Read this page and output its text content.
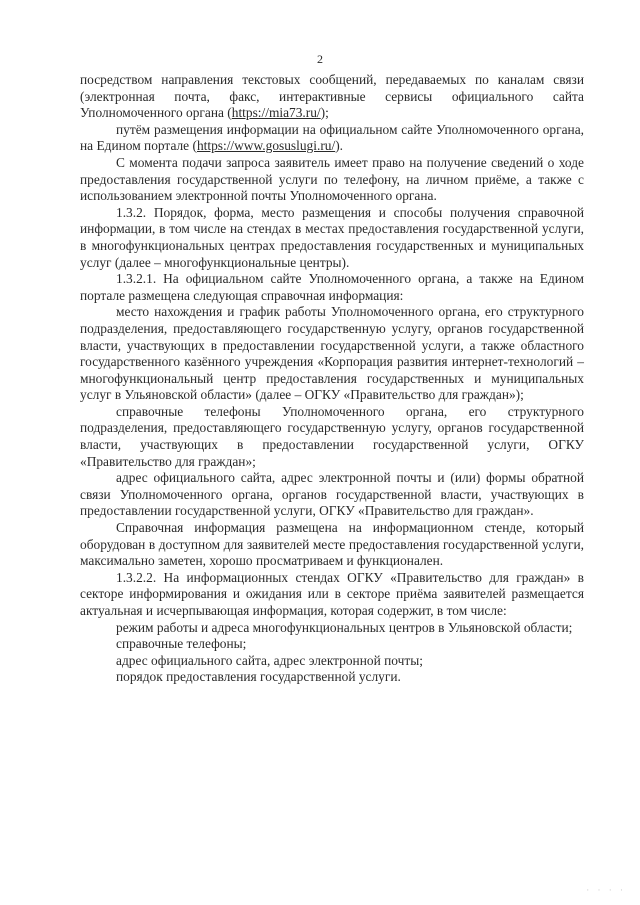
2

посредством направления текстовых сообщений, передаваемых по каналам связи (электронная почта, факс, интерактивные сервисы официального сайта Уполномоченного органа (https://mia73.ru/);

путём размещения информации на официальном сайте Уполномоченного органа, на Едином портале (https://www.gosuslugi.ru/).

С момента подачи запроса заявитель имеет право на получение сведений о ходе предоставления государственной услуги по телефону, на личном приёме, а также с использованием электронной почты Уполномоченного органа.

1.3.2. Порядок, форма, место размещения и способы получения справочной информации, в том числе на стендах в местах предоставления государственной услуги, в многофункциональных центрах предоставления государственных и муниципальных услуг (далее – многофункциональные центры).

1.3.2.1. На официальном сайте Уполномоченного органа, а также на Едином портале размещена следующая справочная информация:

место нахождения и график работы Уполномоченного органа, его структурного подразделения, предоставляющего государственную услугу, органов государственной власти, участвующих в предоставлении государственной услуги, а также областного государственного казённого учреждения «Корпорация развития интернет-технологий – многофункциональный центр предоставления государственных и муниципальных услуг в Ульяновской области» (далее – ОГКУ «Правительство для граждан»);

справочные телефоны Уполномоченного органа, его структурного подразделения, предоставляющего государственную услугу, органов государственной власти, участвующих в предоставлении государственной услуги, ОГКУ «Правительство для граждан»;

адрес официального сайта, адрес электронной почты и (или) формы обратной связи Уполномоченного органа, органов государственной власти, участвующих в предоставлении государственной услуги, ОГКУ «Правительство для граждан».

Справочная информация размещена на информационном стенде, который оборудован в доступном для заявителей месте предоставления государственной услуги, максимально заметен, хорошо просматриваем и функционален.

1.3.2.2. На информационных стендах ОГКУ «Правительство для граждан» в секторе информирования и ожидания или в секторе приёма заявителей размещается актуальная и исчерпывающая информация, которая содержит, в том числе:

режим работы и адреса многофункциональных центров в Ульяновской области;

справочные телефоны;

адрес официального сайта, адрес электронной почты;

порядок предоставления государственной услуги.

· · · ·
